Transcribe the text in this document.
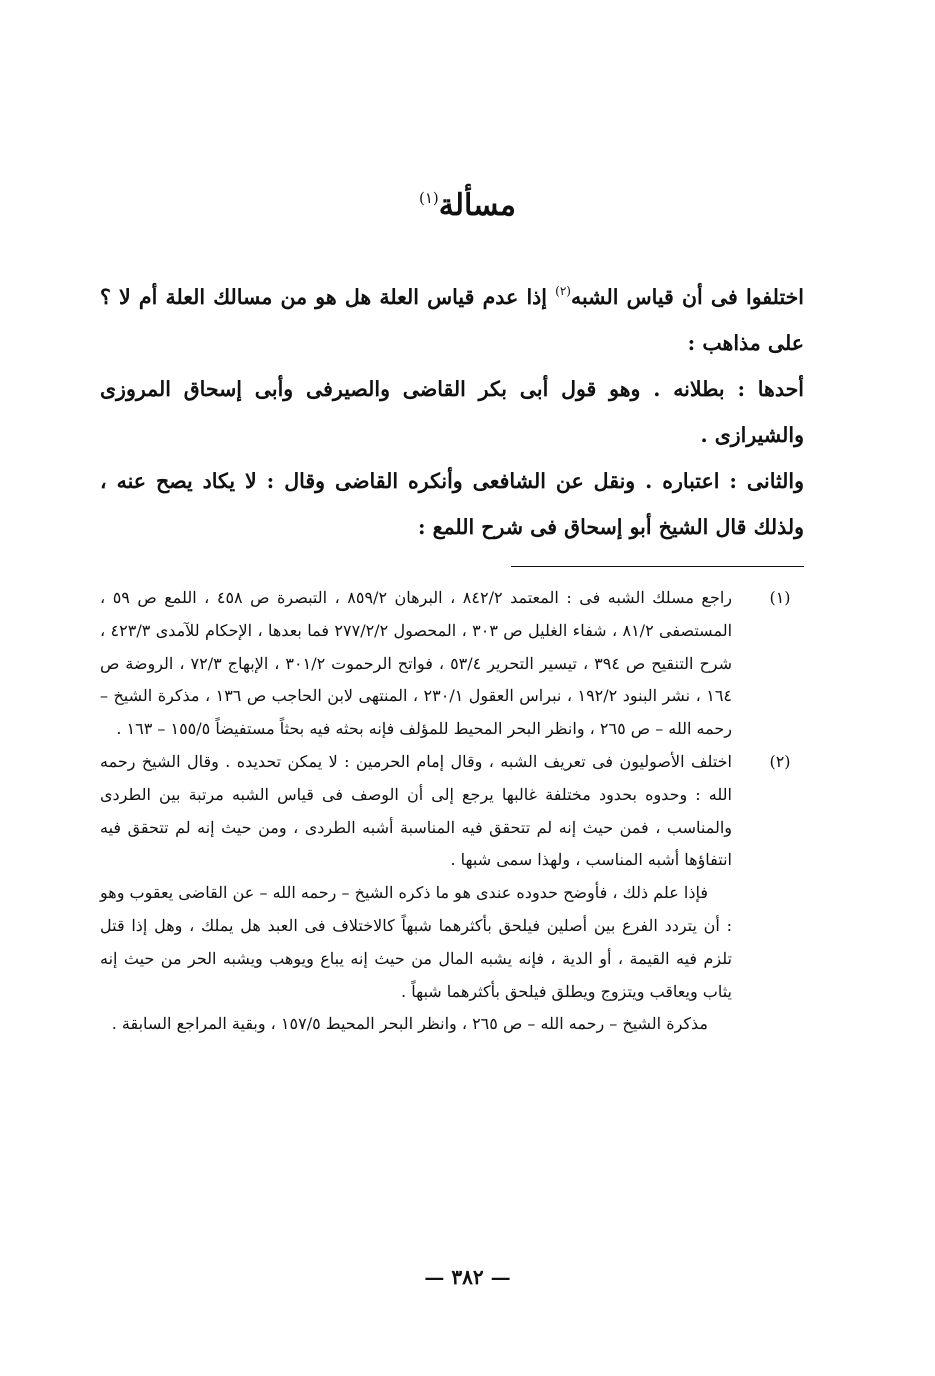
مسألة$^{(١)}$

اختلفوا فى أن قياس الشبه$^{(٢)}$ إذا عدم قياس العلة هل هو من مسالك العلة أم لا ؟ على مذاهب :

أحدها : بطلانه . وهو قول أبى بكر القاضى والصيرفى وأبى إسحاق المروزى والشيرازى .

والثانى : اعتباره . ونقل عن الشافعى وأنكره القاضى وقال : لا يكاد يصح عنه ، ولذلك قال الشيخ أبو إسحاق فى شرح اللمع :

(١)

راجع مسلك الشبه فى : المعتمد ٨٤٢/٢ ، البرهان ٨٥٩/٢ ، التبصرة ص ٤٥٨ ، اللمع ص ٥٩ ، المستصفى ٨١/٢ ، شفاء الغليل ص ٣٠٣ ، المحصول ٢٧٧/٢/٢ فما بعدها ، الإحكام للآمدى ٤٢٣/٣ ، شرح التنقيح ص ٣٩٤ ، تيسير التحرير ٥٣/٤ ، فواتح الرحموت ٣٠١/٢ ، الإبهاج ٧٢/٣ ، الروضة ص ١٦٤ ، نشر البنود ١٩٢/٢ ، نبراس العقول ٢٣٠/١ ، المنتهى لابن الحاجب ص ١٣٦ ، مذكرة الشيخ – رحمه الله – ص ٢٦٥ ، وانظر البحر المحيط للمؤلف فإنه بحثه فيه بحثاً مستفيضاً ١٥٥/٥ – ١٦٣ .

(٢)

اختلف الأصوليون فى تعريف الشبه ، وقال إمام الحرمين : لا يمكن تحديده . وقال الشيخ رحمه الله : وحدوه بحدود مختلفة غالبها يرجع إلى أن الوصف فى قياس الشبه مرتبة بين الطردى والمناسب ، فمن حيث إنه لم تتحقق فيه المناسبة أشبه الطردى ، ومن حيث إنه لم تتحقق فيه انتفاؤها أشبه المناسب ، ولهذا سمى شبها .

فإذا علم ذلك ، فأوضح حدوده عندى هو ما ذكره الشيخ – رحمه الله – عن القاضى يعقوب وهو : أن يتردد الفرع بين أصلين فيلحق بأكثرهما شبهاً كالاختلاف فى العبد هل يملك ، وهل إذا قتل تلزم فيه القيمة ، أو الدية ، فإنه يشبه المال من حيث إنه يباع ويوهب ويشبه الحر من حيث إنه يثاب ويعاقب ويتزوج ويطلق فيلحق بأكثرهما شبهاً .

مذكرة الشيخ – رحمه الله – ص ٢٦٥ ، وانظر البحر المحيط ١٥٧/٥ ، وبقية المراجع السابقة .

— ٣٨٢ —
